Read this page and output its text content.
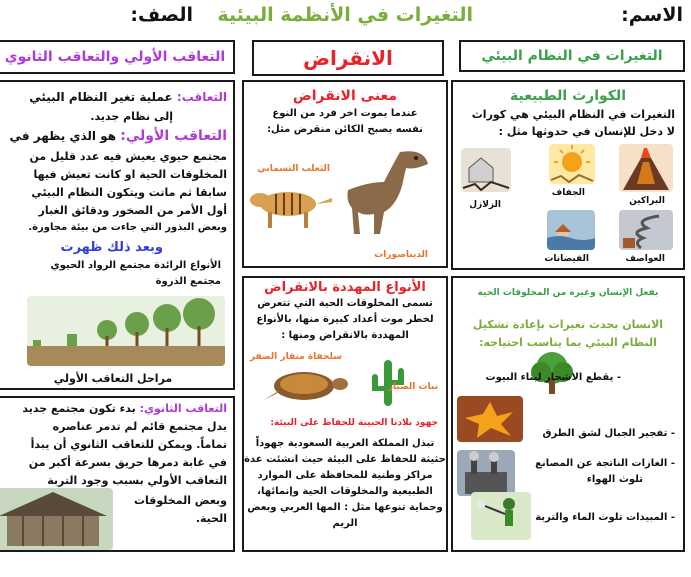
الاسم:
التغيرات في الأنظمة البيئية
الصف:
التغيرات في النظام البيئي
الكوارث الطبيعية
التغيرات في النظام البيئي هي كوراث
لا دخل للإنسان في حدوثها مثل :
البراكين
الجفاف
الزلازل
العواصف
الفيضانات
بفعل الإنسان وغيره من المخلوقات الحية
الانسان يحدث تغيرات بإعادة تشكيل
النظام البيئي بما يناسب احتياجه:
- يقطع الاشجار لبناء البيوت
- تفجير الجبال لشق الطرق
- الغازات الناتجة عن المصانع
تلوث الهواء
- المبيدات تلوث الماء والتربة
الانقراض
معنى الانقراض
عندما يموت اخر فرد من النوع
نفسه يصبح الكائن منقرض مثل:
الثعلب التسماني
الديناصورات
الأنواع المهددة بالانقراض
تسمى المخلوقات الحية التي تتعرض
لخطر موت أعداد كبيرة منها، بالأنواع
المهددة بالانقراض ومنها :
سلحفاة منقار الصقر
نبات الصبار
جهود بلادنا الحبيبة للحفاظ على البيئة:
تبذل المملكة العربية السعودية جهوداً
حثيثة للحفاظ على البيئة حيث انشئت عدة
مراكز وطنية للمحافظة على الموارد
الطبيعية والمخلوقات الحية وإنمائها،
وحماية تنوعها مثل : المها العربي وبعض
الريم
التعاقب الأولي والتعاقب الثانوي
التعاقب: عملية تغير النظام البيئي
إلى نظام جديد.
التعاقب الأولي: هو الذي يظهر في
مجتمع حيوي يعيش فيه عدد قليل من
المخلوقات الحية او كانت تعيش فيها
سابقا ثم ماتت ويتكون النظام البيئي
أول الأمر من الصخور ودقائق الغبار
وبعض البذور التي جاءت من بيئة مجاورة.
وبعد ذلك ظهرت
الأنواع الرائدة مجتمع الرواد الحيوي
مجتمع الذروة
مراحل التعاقب الأولي
التعاقب الثانوي: بدء تكون مجتمع جديد
بدل مجتمع قائم لم تدمر عناصره
تماماً. ويمكن للتعاقب الثانوي أن يبدأ
في غابة دمرها حريق بسرعة أكبر من
التعاقب الأولي بسبب وجود التربة
وبعض المخلوقات
الحية.
